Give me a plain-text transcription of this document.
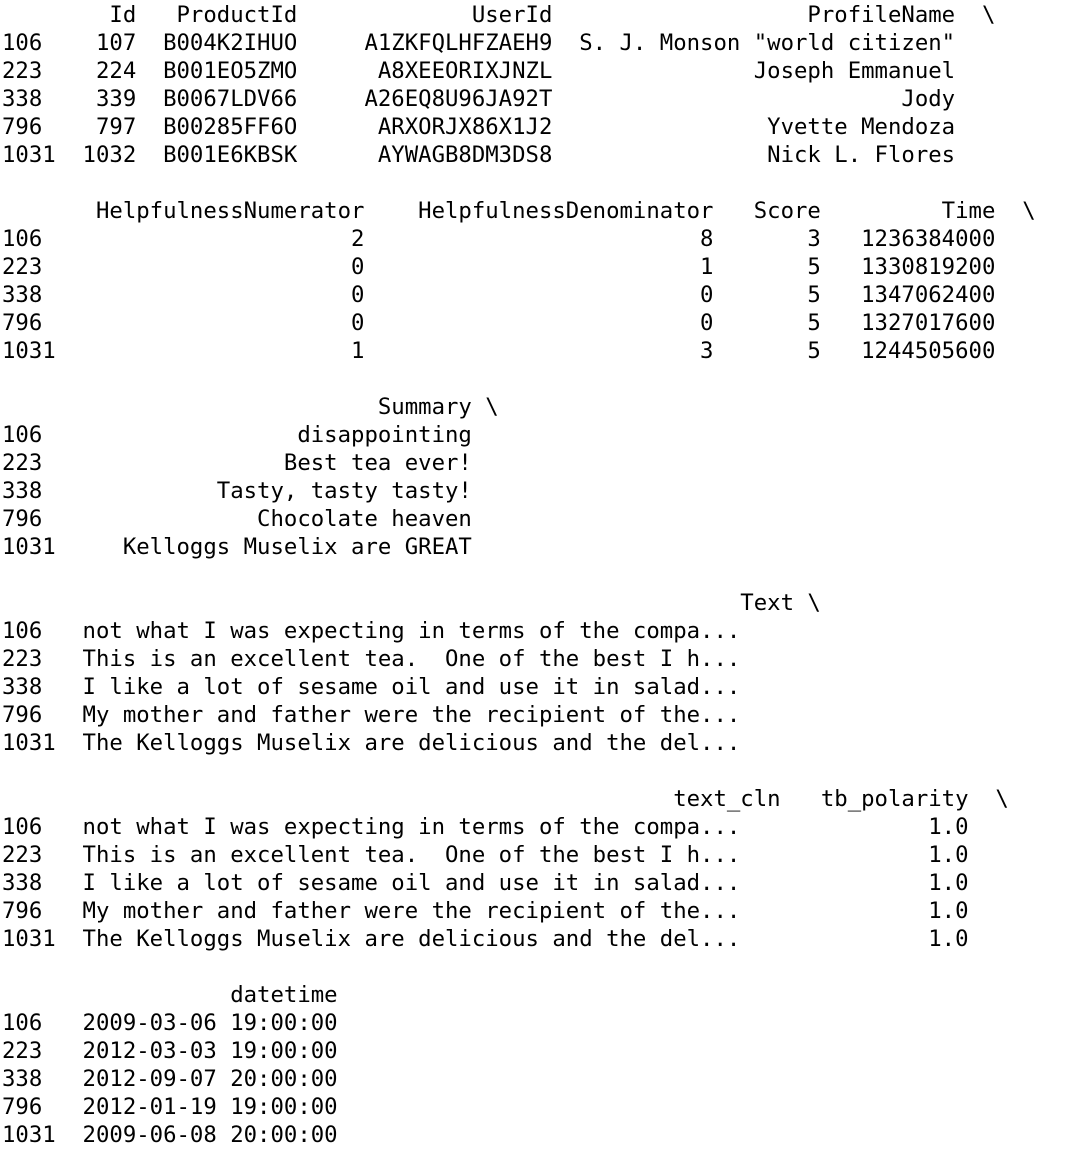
Id   ProductId             UserId                   ProfileName  \
106    107  B004K2IHUO     A1ZKFQLHFZAEH9  S. J. Monson "world citizen"
223    224  B001EO5ZMO      A8XEEORIXJNZL               Joseph Emmanuel
338    339  B0067LDV66     A26EQ8U96JA92T                          Jody
796    797  B00285FF6O      ARXORJX86X1J2                Yvette Mendoza
1031  1032  B001E6KBSK      AYWAGB8DM3DS8                Nick L. Flores
HelpfulnessNumerator    HelpfulnessDenominator   Score         Time  \
106                       2                         8       3   1236384000
223                       0                         1       5   1330819200
338                       0                         0       5   1347062400
796                       0                         0       5   1327017600
1031                      1                         3       5   1244505600
Summary \
106                   disappointing
223                  Best tea ever!
338             Tasty, tasty tasty!
796                Chocolate heaven
1031     Kelloggs Muselix are GREAT
Text \
106   not what I was expecting in terms of the compa...
223   This is an excellent tea.  One of the best I h...
338   I like a lot of sesame oil and use it in salad...
796   My mother and father were the recipient of the...
1031  The Kelloggs Muselix are delicious and the del...
text_cln   tb_polarity  \
106   not what I was expecting in terms of the compa...              1.0
223   This is an excellent tea.  One of the best I h...              1.0
338   I like a lot of sesame oil and use it in salad...              1.0
796   My mother and father were the recipient of the...              1.0
1031  The Kelloggs Muselix are delicious and the del...              1.0
datetime
106   2009-03-06 19:00:00
223   2012-03-03 19:00:00
338   2012-09-07 20:00:00
796   2012-01-19 19:00:00
1031  2009-06-08 20:00:00
